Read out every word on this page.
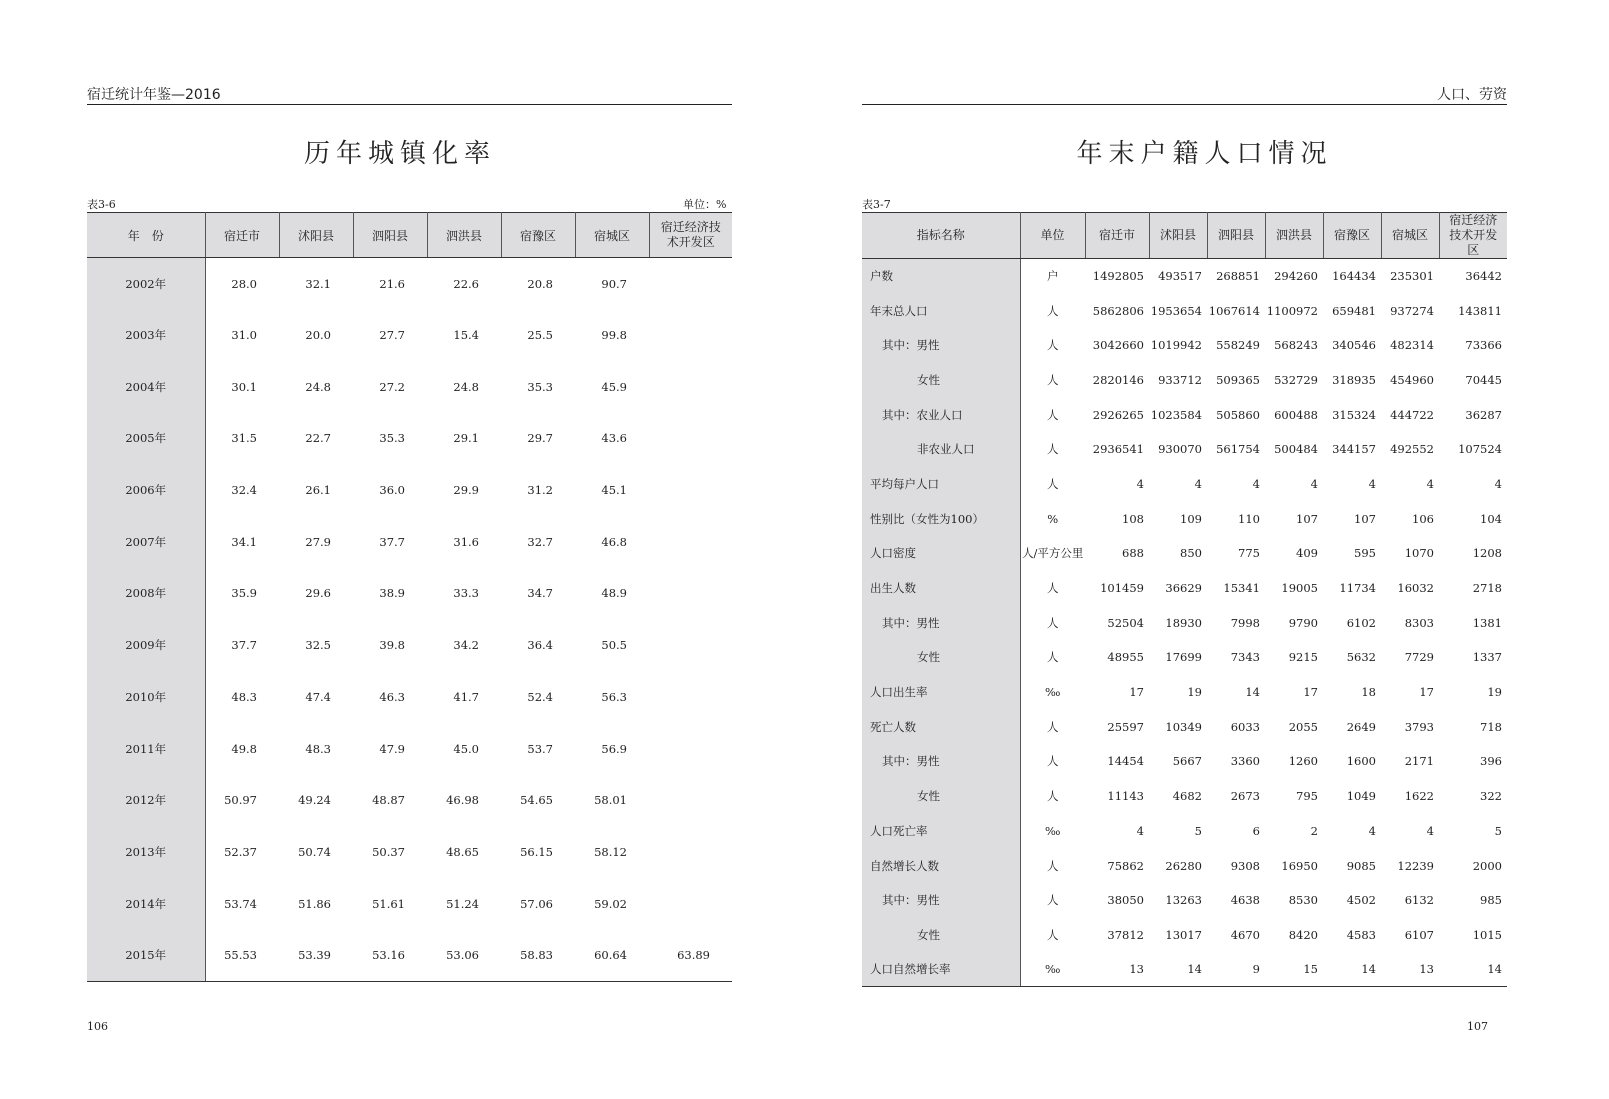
宿迁统计年鉴—2016
历年城镇化率
表3-6	单位：%
年　份	宿迁市	沭阳县	泗阳县	泗洪县	宿豫区	宿城区	宿迁经济技术开发区
2002年	28.0	32.1	21.6	22.6	20.8	90.7	
2003年	31.0	20.0	27.7	15.4	25.5	99.8	
2004年	30.1	24.8	27.2	24.8	35.3	45.9	
2005年	31.5	22.7	35.3	29.1	29.7	43.6	
2006年	32.4	26.1	36.0	29.9	31.2	45.1	
2007年	34.1	27.9	37.7	31.6	32.7	46.8	
2008年	35.9	29.6	38.9	33.3	34.7	48.9	
2009年	37.7	32.5	39.8	34.2	36.4	50.5	
2010年	48.3	47.4	46.3	41.7	52.4	56.3	
2011年	49.8	48.3	47.9	45.0	53.7	56.9	
2012年	50.97	49.24	48.87	46.98	54.65	58.01	
2013年	52.37	50.74	50.37	48.65	56.15	58.12	
2014年	53.74	51.86	51.61	51.24	57.06	59.02	
2015年	55.53	53.39	53.16	53.06	58.83	60.64	63.89
106
人口、劳资
年末户籍人口情况
表3-7
指标名称	单位	宿迁市	沭阳县	泗阳县	泗洪县	宿豫区	宿城区	宿迁经济技术开发区
户数	户	1492805	493517	268851	294260	164434	235301	36442
年末总人口	人	5862806	1953654	1067614	1100972	659481	937274	143811
其中：男性	人	3042660	1019942	558249	568243	340546	482314	73366
女性	人	2820146	933712	509365	532729	318935	454960	70445
其中：农业人口	人	2926265	1023584	505860	600488	315324	444722	36287
非农业人口	人	2936541	930070	561754	500484	344157	492552	107524
平均每户人口	人	4	4	4	4	4	4	4
性别比（女性为100）	%	108	109	110	107	107	106	104
人口密度	人/平方公里	688	850	775	409	595	1070	1208
出生人数	人	101459	36629	15341	19005	11734	16032	2718
其中：男性	人	52504	18930	7998	9790	6102	8303	1381
女性	人	48955	17699	7343	9215	5632	7729	1337
人口出生率	‰	17	19	14	17	18	17	19
死亡人数	人	25597	10349	6033	2055	2649	3793	718
其中：男性	人	14454	5667	3360	1260	1600	2171	396
女性	人	11143	4682	2673	795	1049	1622	322
人口死亡率	‰	4	5	6	2	4	4	5
自然增长人数	人	75862	26280	9308	16950	9085	12239	2000
其中：男性	人	38050	13263	4638	8530	4502	6132	985
女性	人	37812	13017	4670	8420	4583	6107	1015
人口自然增长率	‰	13	14	9	15	14	13	14
107
